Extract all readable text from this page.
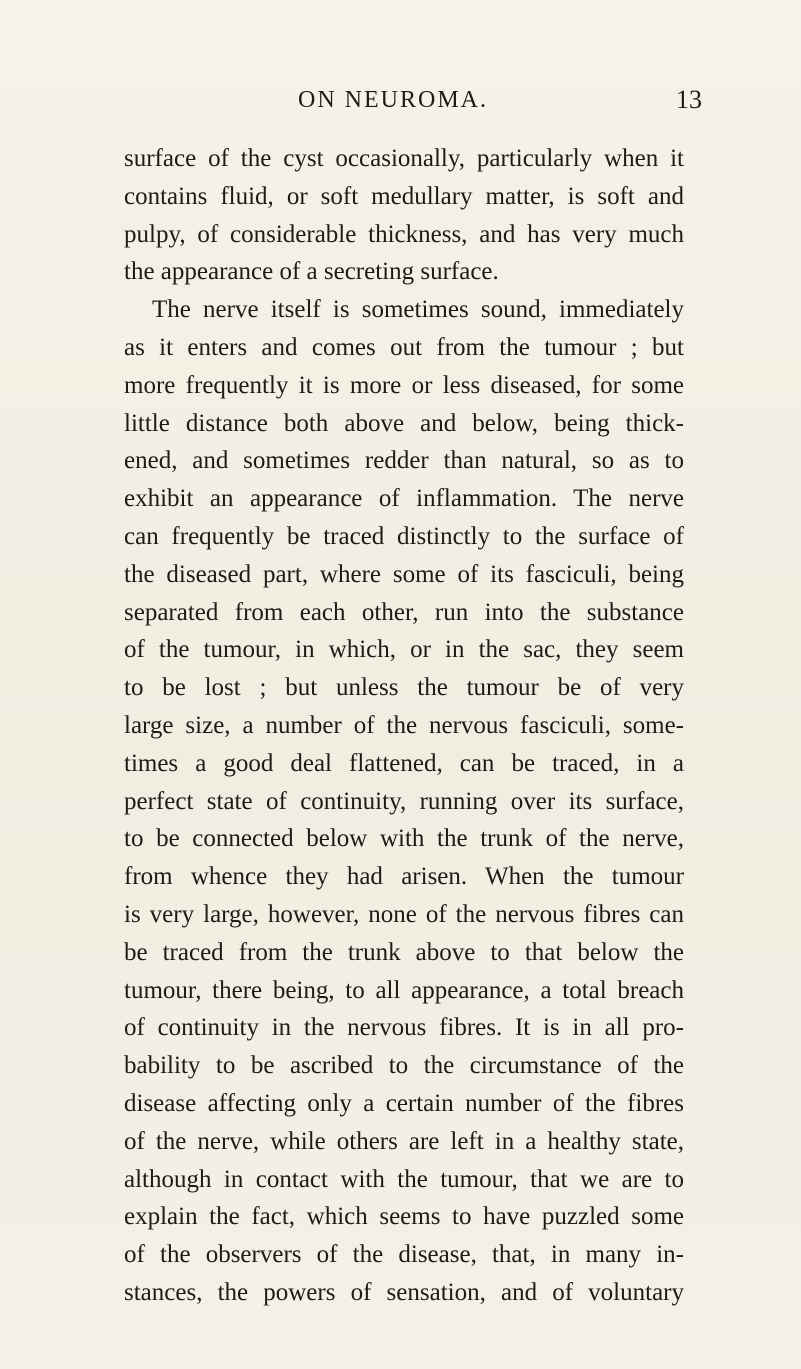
ON NEUROMA.	13
surface of the cyst occasionally, particularly when it
contains fluid, or soft medullary matter, is soft and
pulpy, of considerable thickness, and has very much
the appearance of a secreting surface.
The nerve itself is sometimes sound, immediately
as it enters and comes out from the tumour ; but
more frequently it is more or less diseased, for some
little distance both above and below, being thick-
ened, and sometimes redder than natural, so as to
exhibit an appearance of inflammation. The nerve
can frequently be traced distinctly to the surface of
the diseased part, where some of its fasciculi, being
separated from each other, run into the substance
of the tumour, in which, or in the sac, they seem
to be lost ; but unless the tumour be of very
large size, a number of the nervous fasciculi, some-
times a good deal flattened, can be traced, in a
perfect state of continuity, running over its surface,
to be connected below with the trunk of the nerve,
from whence they had arisen. When the tumour
is very large, however, none of the nervous fibres can
be traced from the trunk above to that below the
tumour, there being, to all appearance, a total breach
of continuity in the nervous fibres. It is in all pro-
bability to be ascribed to the circumstance of the
disease affecting only a certain number of the fibres
of the nerve, while others are left in a healthy state,
although in contact with the tumour, that we are to
explain the fact, which seems to have puzzled some
of the observers of the disease, that, in many in-
stances, the powers of sensation, and of voluntary
